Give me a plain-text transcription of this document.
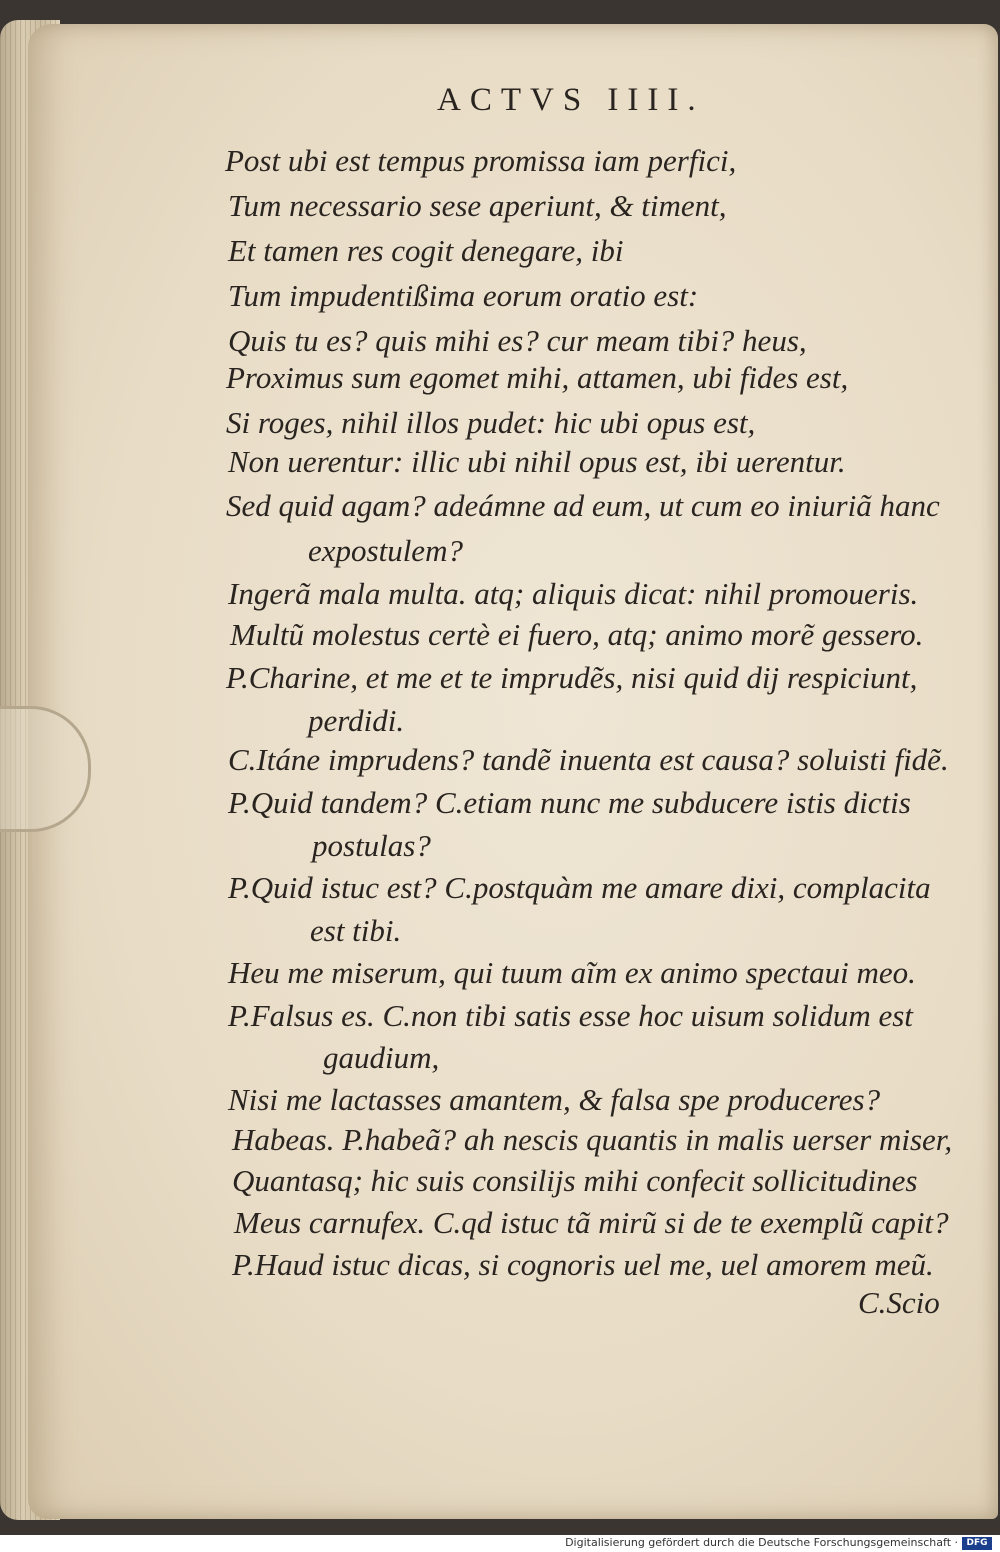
ACTVS IIII.
Post ubi est tempus promissa iam perfici,
Tum necessario sese aperiunt, & timent,
Et tamen res cogit denegare, ibi
Tum impudentißima eorum oratio est:
Quis tu es? quis mihi es? cur meam tibi? heus,
Proximus sum egomet mihi, attamen, ubi fides est,
Si roges, nihil illos pudet: hic ubi opus est,
Non uerentur: illic ubi nihil opus est, ibi uerentur.
Sed quid agam? adeámne ad eum, ut cum eo iniuriã hanc
expostulem?
Ingerã mala multa. atq; aliquis dicat: nihil promoueris.
Multũ molestus certè ei fuero, atq; animo morẽ gessero.
P.Charine, et me et te imprudẽs, nisi quid dij respiciunt,
perdidi.
C.Itáne imprudens? tandẽ inuenta est causa? soluisti fidẽ.
P.Quid tandem? C.etiam nunc me subducere istis dictis
postulas?
P.Quid istuc est? C.postquàm me amare dixi, complacita
est tibi.
Heu me miserum, qui tuum aĩm ex animo spectaui meo.
P.Falsus es. C.non tibi satis esse hoc uisum solidum est
gaudium,
Nisi me lactasses amantem, & falsa spe produceres?
Habeas. P.habeã? ah nescis quantis in malis uerser miser,
Quantasq; hic suis consilijs mihi confecit sollicitudines
Meus carnufex. C.qd istuc tã mirũ si de te exemplũ capit?
P.Haud istuc dicas, si cognoris uel me, uel amorem meũ.
C.Scio
Digitalisierung gefördert durch die Deutsche Forschungsgemeinschaft · DFG
